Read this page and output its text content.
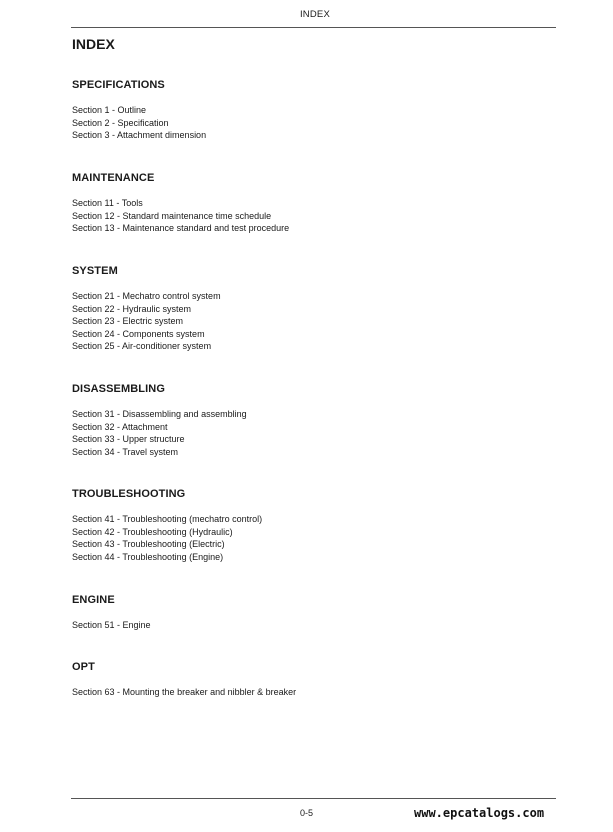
INDEX
INDEX
SPECIFICATIONS
Section 1 - Outline
Section 2 - Specification
Section 3 - Attachment dimension
MAINTENANCE
Section 11 - Tools
Section 12 - Standard maintenance time schedule
Section 13 - Maintenance standard and test procedure
SYSTEM
Section 21 - Mechatro control system
Section 22 - Hydraulic system
Section 23 - Electric system
Section 24 - Components system
Section 25 - Air-conditioner system
DISASSEMBLING
Section 31 - Disassembling and assembling
Section 32 - Attachment
Section 33 - Upper structure
Section 34 - Travel system
TROUBLESHOOTING
Section 41 - Troubleshooting (mechatro control)
Section 42 - Troubleshooting (Hydraulic)
Section 43 - Troubleshooting (Electric)
Section 44 - Troubleshooting (Engine)
ENGINE
Section 51 - Engine
OPT
Section 63 - Mounting the breaker and nibbler & breaker
0-5	www.epcatalogs.com
